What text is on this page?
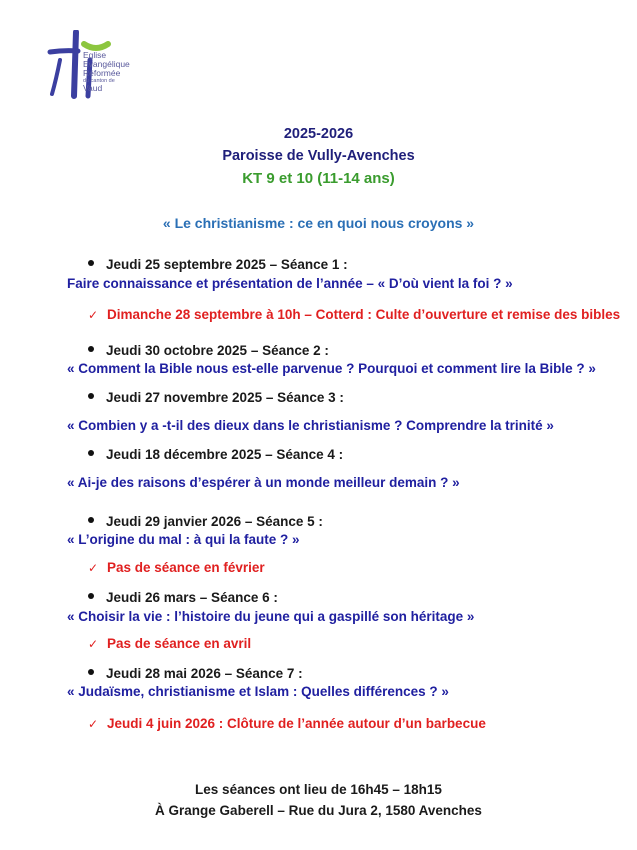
Eglise
Evangélique
Réformée
du canton de
Vaud
2025-2026
Paroisse de Vully-Avenches
KT 9 et 10 (11-14 ans)
« Le christianisme : ce en quoi nous croyons »
Jeudi 25 septembre 2025 – Séance 1 :
Faire connaissance et présentation de l’année – « D’où vient la foi ? »
✓ Dimanche 28 septembre à 10h – Cotterd : Culte d’ouverture et remise des bibles
Jeudi 30 octobre 2025 – Séance 2 :
« Comment la Bible nous est-elle parvenue ? Pourquoi et comment lire la Bible ? »
Jeudi 27 novembre 2025 – Séance 3 :
« Combien y a -t-il des dieux dans le christianisme ? Comprendre la trinité »
Jeudi 18 décembre 2025 – Séance 4 :
« Ai-je des raisons d’espérer à un monde meilleur demain ? »
Jeudi 29 janvier 2026 – Séance 5 :
« L’origine du mal : à qui la faute ? »
✓ Pas de séance en février
Jeudi 26 mars – Séance 6 :
« Choisir la vie : l’histoire du jeune qui a gaspillé son héritage »
✓ Pas de séance en avril
Jeudi 28 mai 2026 – Séance 7 :
« Judaïsme, christianisme et Islam : Quelles différences ? »
✓ Jeudi 4 juin 2026 : Clôture de l’année autour d’un barbecue
Les séances ont lieu de 16h45 – 18h15
À Grange Gaberell – Rue du Jura 2, 1580 Avenches
